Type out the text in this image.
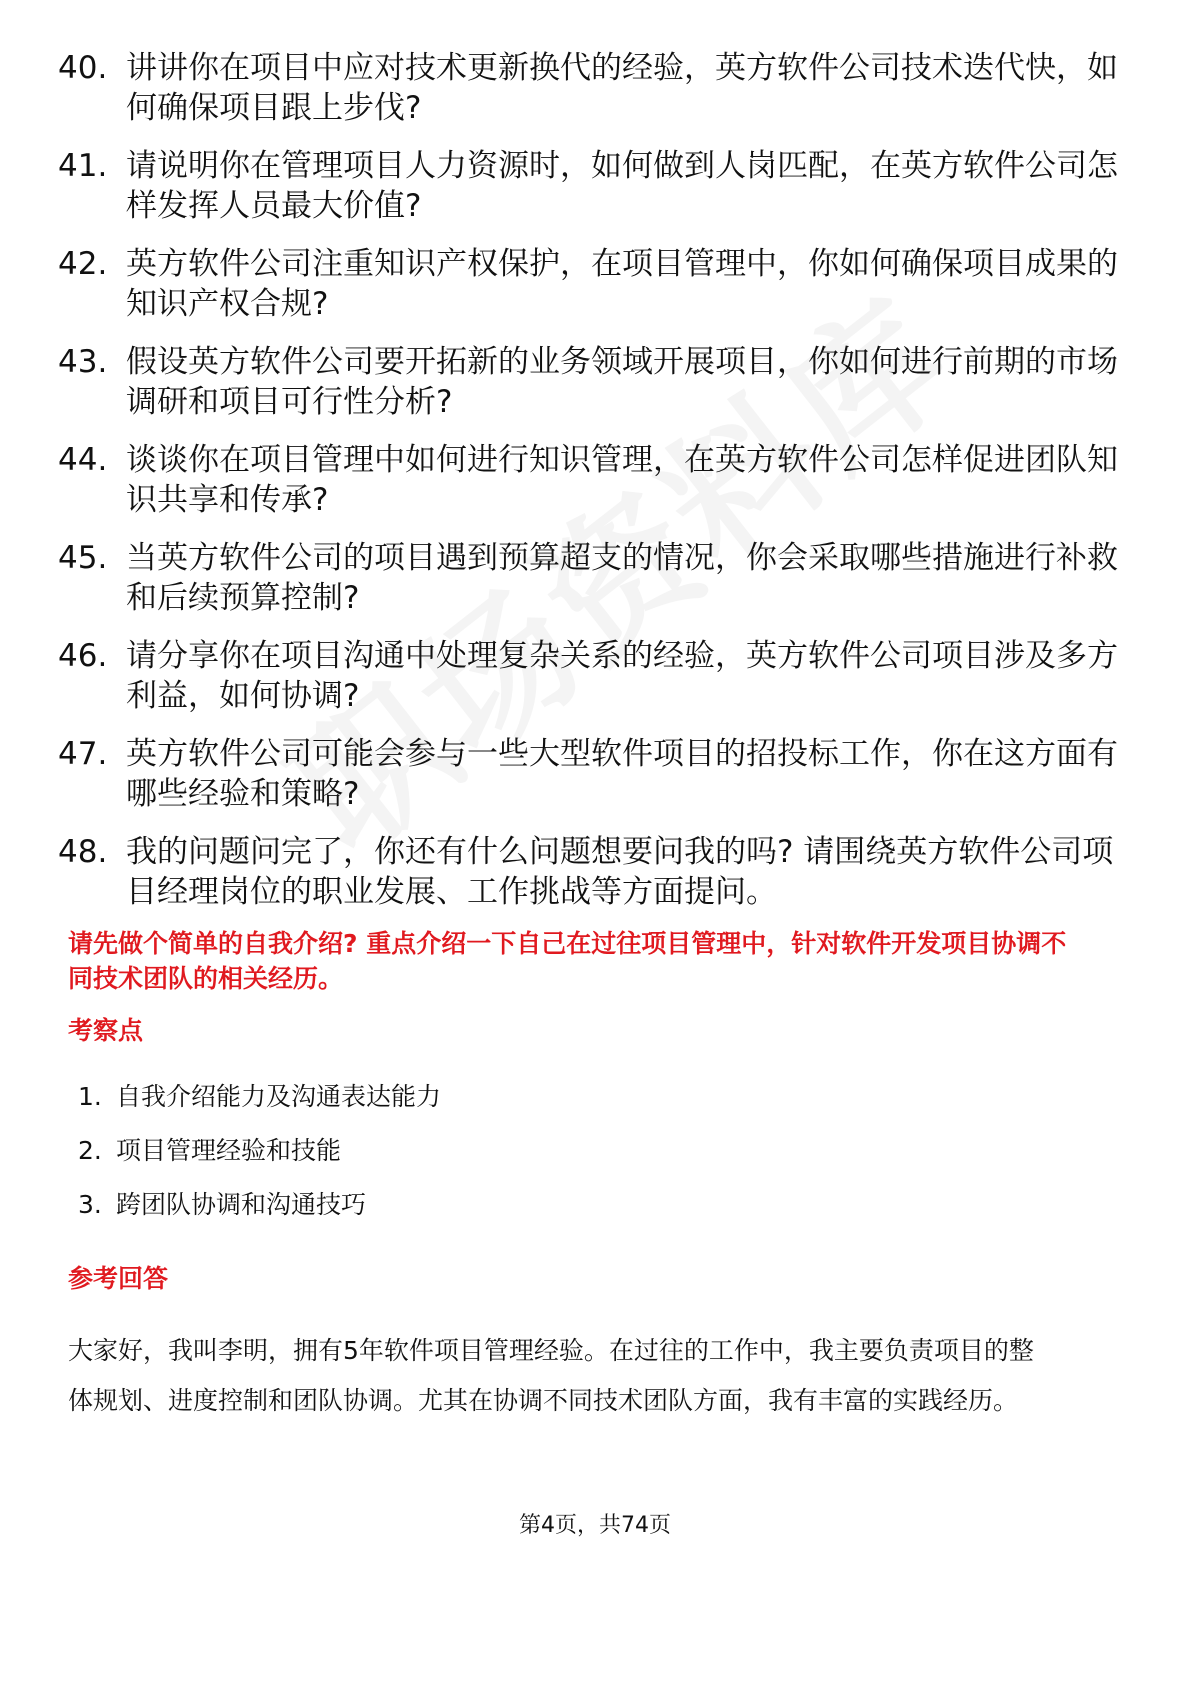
40. 讲讲你在项目中应对技术更新换代的经验，英方软件公司技术迭代快，如何确保项目跟上步伐?
41. 请说明你在管理项目人力资源时，如何做到人岗匹配，在英方软件公司怎样发挥人员最大价值?
42. 英方软件公司注重知识产权保护，在项目管理中，你如何确保项目成果的知识产权合规?
43. 假设英方软件公司要开拓新的业务领域开展项目，你如何进行前期的市场调研和项目可行性分析?
44. 谈谈你在项目管理中如何进行知识管理，在英方软件公司怎样促进团队知识共享和传承?
45. 当英方软件公司的项目遇到预算超支的情况，你会采取哪些措施进行补救和后续预算控制?
46. 请分享你在项目沟通中处理复杂关系的经验，英方软件公司项目涉及多方利益，如何协调?
47. 英方软件公司可能会参与一些大型软件项目的招投标工作，你在这方面有哪些经验和策略?
48. 我的问题问完了，你还有什么问题想要问我的吗? 请围绕英方软件公司项目经理岗位的职业发展、工作挑战等方面提问。
请先做个简单的自我介绍? 重点介绍一下自己在过往项目管理中，针对软件开发项目协调不同技术团队的相关经历。
考察点
1. 自我介绍能力及沟通表达能力
2. 项目管理经验和技能
3. 跨团队协调和沟通技巧
参考回答
大家好，我叫李明，拥有5年软件项目管理经验。在过往的工作中，我主要负责项目的整体规划、进度控制和团队协调。尤其在协调不同技术团队方面，我有丰富的实践经历。
第4页，共74页
